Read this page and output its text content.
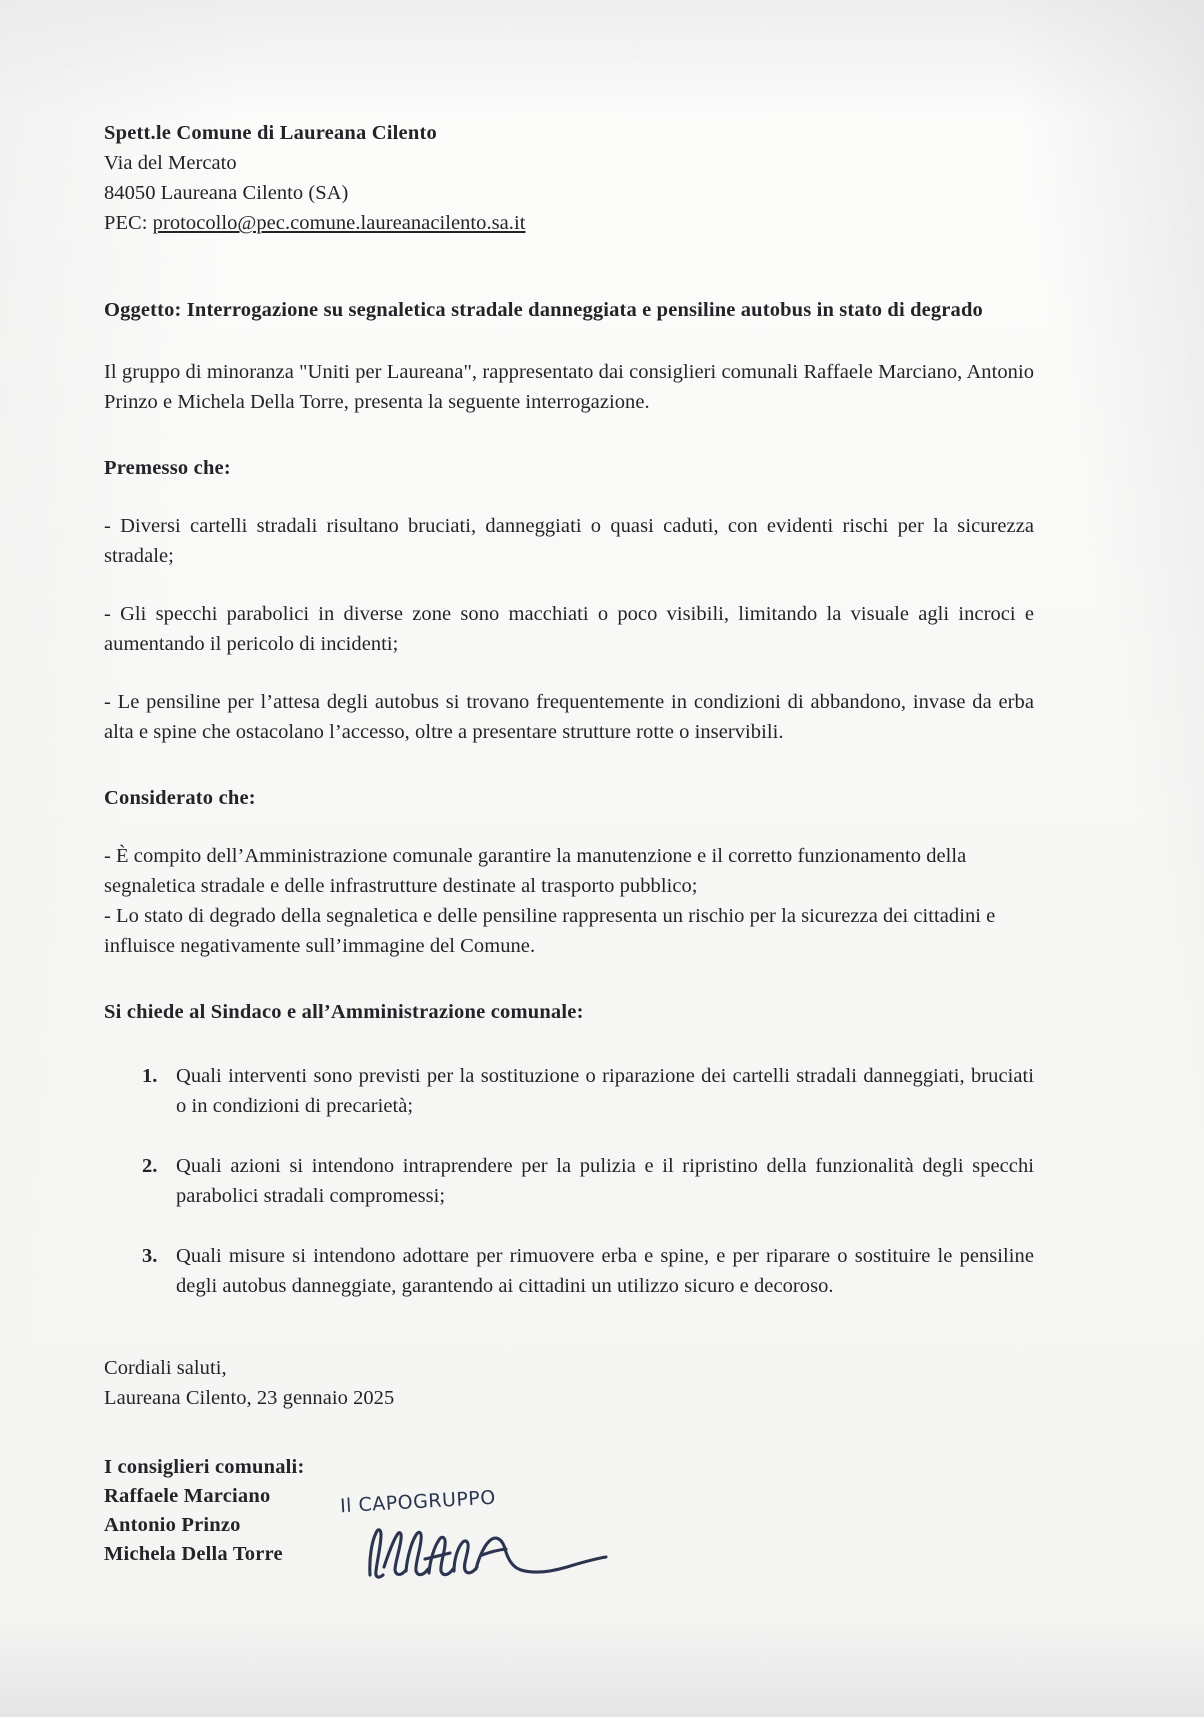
Spett.le Comune di Laureana Cilento
Via del Mercato
84050 Laureana Cilento (SA)
PEC: protocollo@pec.comune.laureanacilento.sa.it
Oggetto: Interrogazione su segnaletica stradale danneggiata e pensiline autobus in stato di degrado
Il gruppo di minoranza "Uniti per Laureana", rappresentato dai consiglieri comunali Raffaele Marciano, Antonio Prinzo e Michela Della Torre, presenta la seguente interrogazione.
Premesso che:
- Diversi cartelli stradali risultano bruciati, danneggiati o quasi caduti, con evidenti rischi per la sicurezza stradale;
- Gli specchi parabolici in diverse zone sono macchiati o poco visibili, limitando la visuale agli incroci e aumentando il pericolo di incidenti;
- Le pensiline per l’attesa degli autobus si trovano frequentemente in condizioni di abbandono, invase da erba alta e spine che ostacolano l’accesso, oltre a presentare strutture rotte o inservibili.
Considerato che:
- È compito dell’Amministrazione comunale garantire la manutenzione e il corretto funzionamento della segnaletica stradale e delle infrastrutture destinate al trasporto pubblico;
- Lo stato di degrado della segnaletica e delle pensiline rappresenta un rischio per la sicurezza dei cittadini e influisce negativamente sull’immagine del Comune.
Si chiede al Sindaco e all’Amministrazione comunale:
1. Quali interventi sono previsti per la sostituzione o riparazione dei cartelli stradali danneggiati, bruciati o in condizioni di precarietà;
2. Quali azioni si intendono intraprendere per la pulizia e il ripristino della funzionalità degli specchi parabolici stradali compromessi;
3. Quali misure si intendono adottare per rimuovere erba e spine, e per riparare o sostituire le pensiline degli autobus danneggiate, garantendo ai cittadini un utilizzo sicuro e decoroso.
Cordiali saluti,
Laureana Cilento, 23 gennaio 2025
I consiglieri comunali:
Raffaele Marciano
Antonio Prinzo
Michela Della Torre
Il CAPOGRUPPO
